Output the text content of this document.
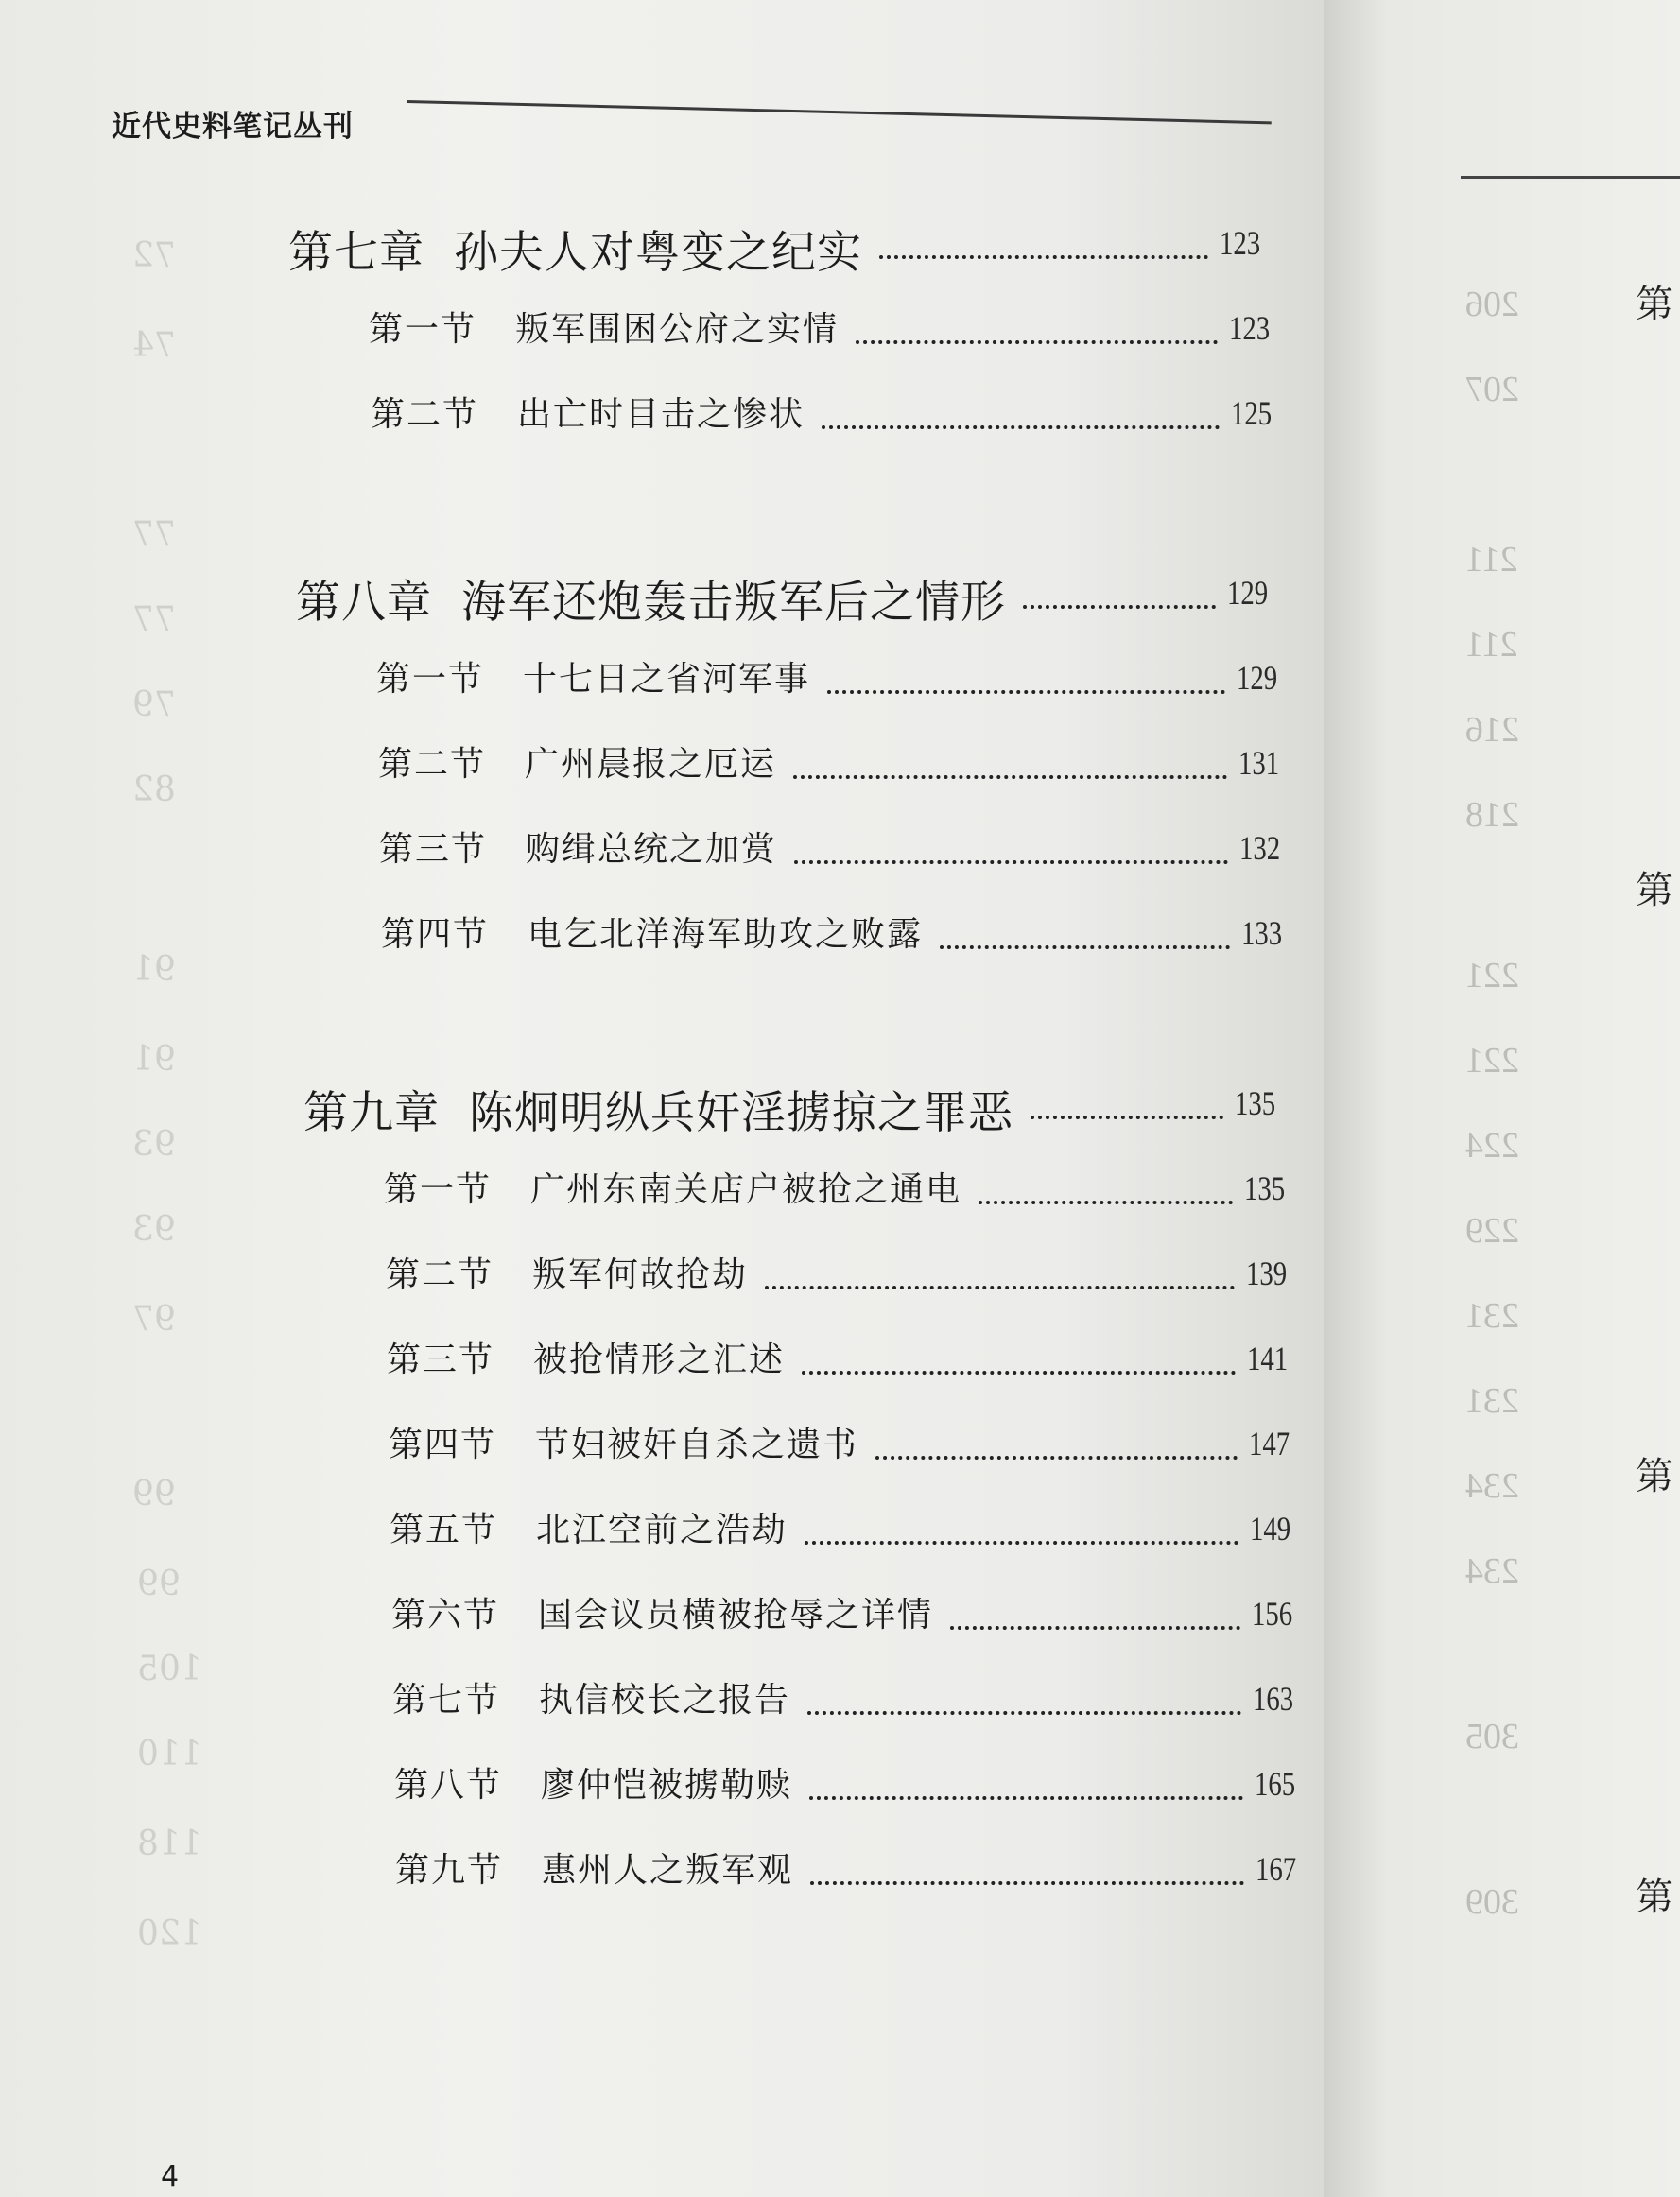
近代史料笔记丛刊
72
74
77
77
79
82
91
91
93
93
97
99
99
105
110
118
120
第七章 孙夫人对粤变之纪实	123
第一节 叛军围困公府之实情	123
第二节 出亡时目击之惨状	125
第八章 海军还炮轰击叛军后之情形	129
第一节 十七日之省河军事	129
第二节 广州晨报之厄运	131
第三节 购缉总统之加赏	132
第四节 电乞北洋海军助攻之败露	133
第九章 陈炯明纵兵奸淫掳掠之罪恶	135
第一节 广州东南关店户被抢之通电	135
第二节 叛军何故抢劫	139
第三节 被抢情形之汇述	141
第四节 节妇被奸自杀之遗书	147
第五节 北江空前之浩劫	149
第六节 国会议员横被抢辱之详情	156
第七节 执信校长之报告	163
第八节 廖仲恺被掳勒赎	165
第九节 惠州人之叛军观	167
4
第
第
第
第
206
207
211
211
216
218
221
221
224
229
231
231
234
234
305
309
